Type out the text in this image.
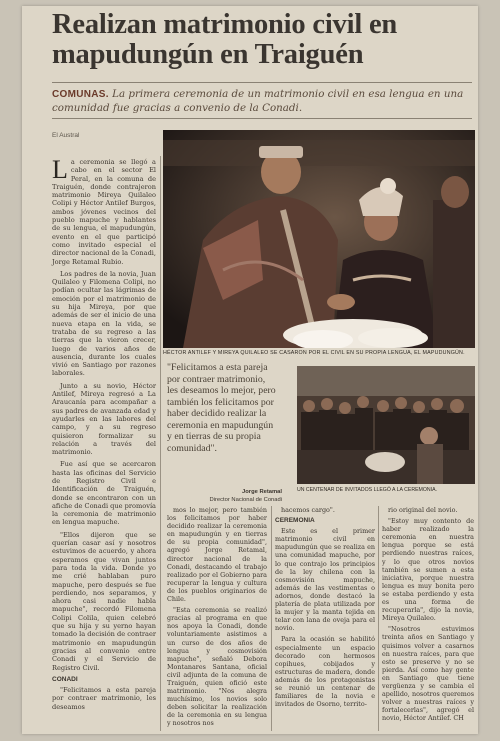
Realizan matrimonio civil en mapudungún en Traiguén
COMUNAS. La primera ceremonia de un matrimonio civil en esa lengua en una comunidad fue gracias a convenio de la Conadi.
El Austral

La ceremonia se llegó a cabo en el sector El Peral, en la comuna de Traiguén, donde contrajeron matrimonio Mireya Quilaleo Colipi y Héctor Antilef Burgos, ambos jóvenes vecinos del pueblo mapuche y hablantes de su lengua, el mapudungún, evento en el que participó como invitado especial el director nacional de la Conadi, Jorge Retamal Rubio.

Los padres de la novia, Juan Quilaleo y Filomena Colipi, no podían ocultar las lágrimas de emoción por el matrimonio de su hija Mireya, por que además de ser el inicio de una nueva etapa en la vida, se trataba de su regreso a las tierras que la vieron crecer, luego de varios años de ausencia, durante los cuales vivió en Santiago por razones laborales.

Junto a su novio, Héctor Antilef, Mireya regresó a La Araucanía para acompañar a sus padres de avanzada edad y ayudarles en las labores del campo, y a su regreso quisieron formalizar su relación a través del matrimonio.

Fue así que se acercaron hasta las oficinas del Servicio de Registro Civil e Identificación de Traiguén, donde se encontraron con un afiche de Conadi que promovía la ceremonia de matrimonio en lengua mapuche.

"Ellos dijeron que se querían casar así y nosotros estuvimos de acuerdo, y ahora esperamos que vivan juntos para toda la vida. Donde yo me crié hablaban puro mapuche, pero después se fue perdiendo, nos separamos, y ahora casi nadie habla mapuche", recordó Filomena Colipi Colila, quien celebró que su hija y su yerno hayan tomado la decisión de contraer matrimonio en mapudungún gracias al convenio entre Conadi y el Servicio de Registro Civil.

CONADI

"Felicitamos a esta pareja por contraer matrimonio, les deseamos

HÉCTOR ANTILEF Y MIREYA QUILALEO SE CASARON POR EL CIVIL EN SU PROPIA LENGUA, EL MAPUDUNGÚN.
"Felicitamos a esta pareja por contraer matrimonio, les deseamos lo mejor, pero también los felicitamos por haber decidido realizar la ceremonia en mapudungún y en tierras de su propia comunidad".
Jorge Retamal
Director Nacional de Conadi
UN CENTENAR DE INVITADOS LLEGÓ A LA CEREMONIA.

mos lo mejor, pero también los felicitamos por haber decidido realizar la ceremonia en mapudungún y en tierras de su propia comunidad", agregó Jorge Retamal, director nacional de la Conadi, destacando el trabajo realizado por el Gobierno para recuperar la lengua y cultura de los pueblos originarios de Chile.

"Esta ceremonia se realizó gracias al programa en que nos apoya la Conadi, donde voluntariamente asistimos a un curso de dos años de lengua y cosmovisión mapuche", señaló Debora Montanares Santana, oficial civil adjunta de la comuna de Traiguén, quien ofició este matrimonio. "Nos alegra muchísimo, los novios solo deben solicitar la realización de la ceremonia en su lengua y nosotros nos

hacemos cargo".

CEREMONIA

Este es el primer matrimonio civil en mapudungún que se realiza en una comunidad mapuche, por lo que contrajo los principios de la ley chilena con la cosmovisión mapuche, además de las vestimentas o adornos, donde destacó la platería de plata utilizada por la mujer y la manta tejida en telar con lana de oveja para el novio.

Para la ocasión se habilitó especialmente un espacio decorado con hermosos copihues, cobijados y estructuras de madera, donde además de los protagonistas se reunió un centenar de familiares de la novia e invitados de Osorno, territo-

rio original del novio.

"Estoy muy contento de haber realizado la ceremonia en nuestra lengua porque se está perdiendo nuestras raíces, y lo que otros novios también se sumen a esta iniciativa, porque nuestra lengua es muy bonita pero se estaba perdiendo y esta es una forma de recuperarla", dijo la novia, Mireya Quilaleo.

"Nosotros estuvimos treinta años en Santiago y quisimos volver a casarnos en nuestra raíces, para que esto se preserve y no se pierda. Así como hay gente en Santiago que tiene vergüenza y se cambia el apellido, nosotros queremos volver a nuestras raíces y fortalecerlas", agregó el novio, Héctor Antilef. CH
